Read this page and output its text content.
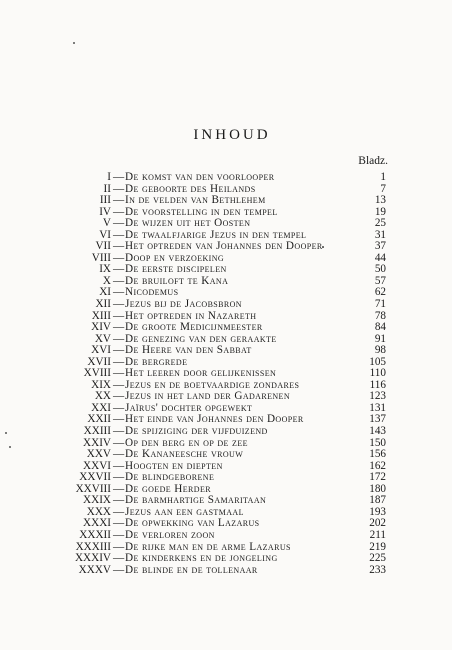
INHOUD
Bladz.
I — De komst van den voorlooper	1
II — De geboorte des Heilands	7
III — In de velden van Bethlehem	13
IV — De voorstelling in den tempel	19
V — De wijzen uit het Oosten	25
VI — De twaalfjarige Jezus in den tempel	31
VII — Het optreden van Johannes den Dooper	37
VIII — Doop en verzoeking	44
IX — De eerste discipelen	50
X — De bruiloft te Kana	57
XI — Nicodemus	62
XII — Jezus bij de Jacobsbron	71
XIII — Het optreden in Nazareth	78
XIV — De groote Medicijnmeester	84
XV — De genezing van den geraakte	91
XVI — De Heere van den Sabbat	98
XVII — De bergrede	105
XVIII — Het leeren door gelijkenissen	110
XIX — Jezus en de boetvaardige zondares	116
XX — Jezus in het land der Gadarenen	123
XXI — Jaïrus' dochter opgewekt	131
XXII — Het einde van Johannes den Dooper	137
XXIII — De spijziging der vijfduizend	143
XXIV — Op den berg en op de zee	150
XXV — De Kananeesche vrouw	156
XXVI — Hoogten en diepten	162
XXVII — De blindgeborene	172
XXVIII — De goede Herder	180
XXIX — De barmhartige Samaritaan	187
XXX — Jezus aan een gastmaal	193
XXXI — De opwekking van Lazarus	202
XXXII — De verloren zoon	211
XXXIII — De rijke man en de arme Lazarus	219
XXXIV — De kinderkens en de jongeling	225
XXXV — De blinde en de tollenaar	233
